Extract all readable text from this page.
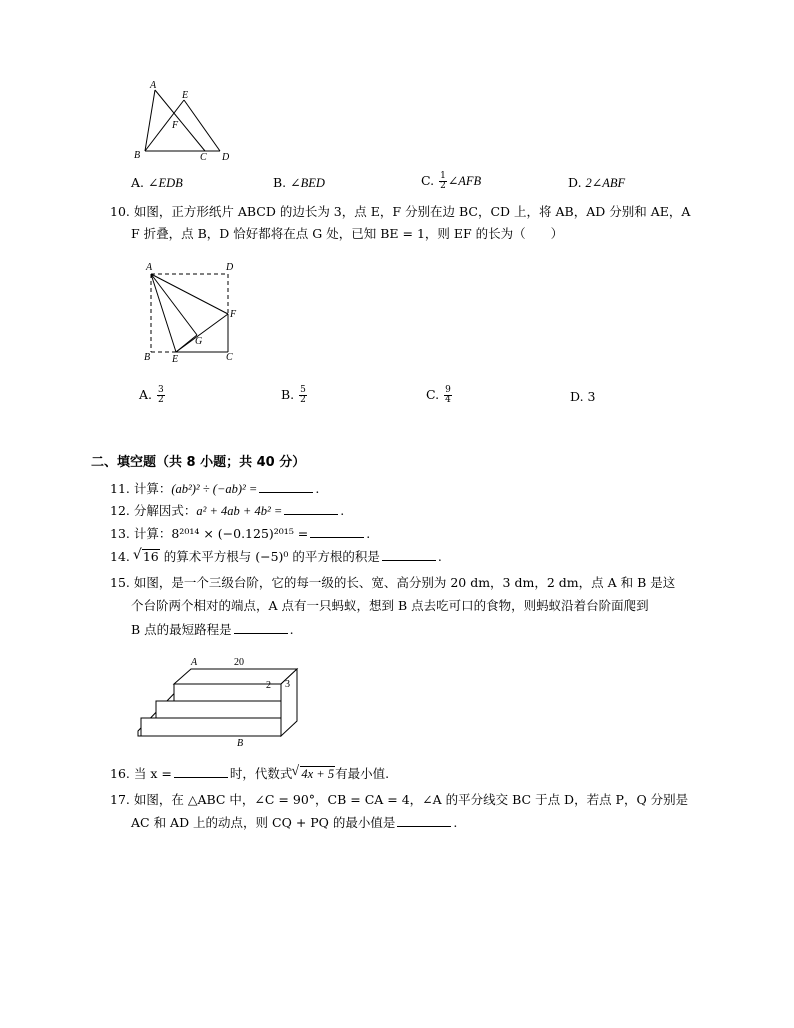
A
E
F
B	C D
A. ∠EDB	B. ∠BED	C. $\frac{1}{2}$ ∠AFB	D. 2∠ABF
10. 如图，正方形纸片 ABCD 的边长为 3，点 E，F 分别在边 BC，CD 上，将 AB，AD 分别和 AE，A
F 折叠，点 B，D 恰好都将在点 G 处，已知 BE = 1，则 EF 的长为（　　）
A	D
F
G
B E	C
A. $\frac{3}{2}$	B. $\frac{5}{2}$	C. $\frac{9}{4}$	D. 3
二、填空题（共 8 小题；共 40 分）
11. 计算：(ab²)² ÷ (−ab)² =	.
12. 分解因式：a² + 4ab + 4b² =	.
13. 计算：8²⁰¹⁴ × (−0.125)²⁰¹⁵ =	.
14. √ 16 的算术平方根与 (−5)⁰ 的平方根的积是	.
15. 如图，是一个三级台阶，它的每一级的长、宽、高分别为 20 dm，3 dm，2 dm，点 A 和 B 是这
个台阶两个相对的端点，A 点有一只蚂蚁，想到 B 点去吃可口的食物，则蚂蚁沿着台阶面爬到
B 点的最短路程是	.
A	20
2 3
B
16. 当 x =	时，代数式√ 4x + 5有最小值.
17. 如图，在 △ABC 中，∠C = 90°，CB = CA = 4，∠A 的平分线交 BC 于点 D，若点 P，Q 分别是
AC 和 AD 上的动点，则 CQ + PQ 的最小值是	.
